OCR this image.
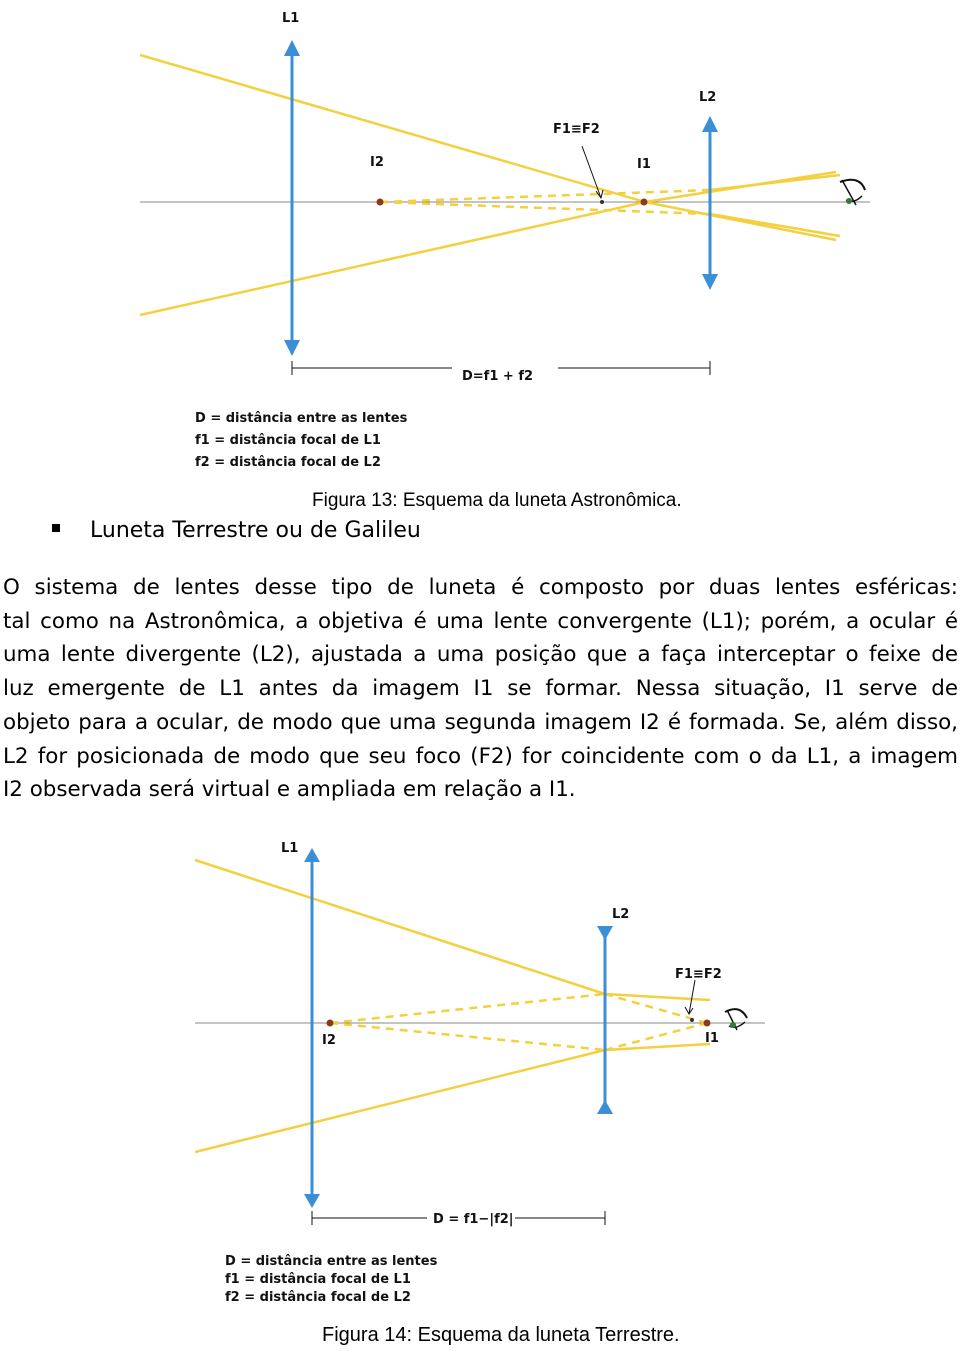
L1
L2
I2	I1
F1≡F2
D=f1 + f2
D = distância entre as lentes
f1 = distância focal de L1
f2 = distância focal de L2
Figura 13: Esquema da luneta Astronômica.
Luneta Terrestre ou de Galileu
O sistema de lentes desse tipo de luneta é composto por duas lentes esféricas:
tal como na Astronômica, a objetiva é uma lente convergente (L1); porém, a ocular é
uma lente divergente (L2), ajustada a uma posição que a faça interceptar o feixe de
luz emergente de L1 antes da imagem I1 se formar. Nessa situação, I1 serve de
objeto para a ocular, de modo que uma segunda imagem I2 é formada. Se, além disso,
L2 for posicionada de modo que seu foco (F2) for coincidente com o da L1, a imagem
I2 observada será virtual e ampliada em relação a I1.
L1
L2
I2	I1
F1≡F2
D = f1−|f2|
D = distância entre as lentes
f1 = distância focal de L1
f2 = distância focal de L2
Figura 14: Esquema da luneta Terrestre.
